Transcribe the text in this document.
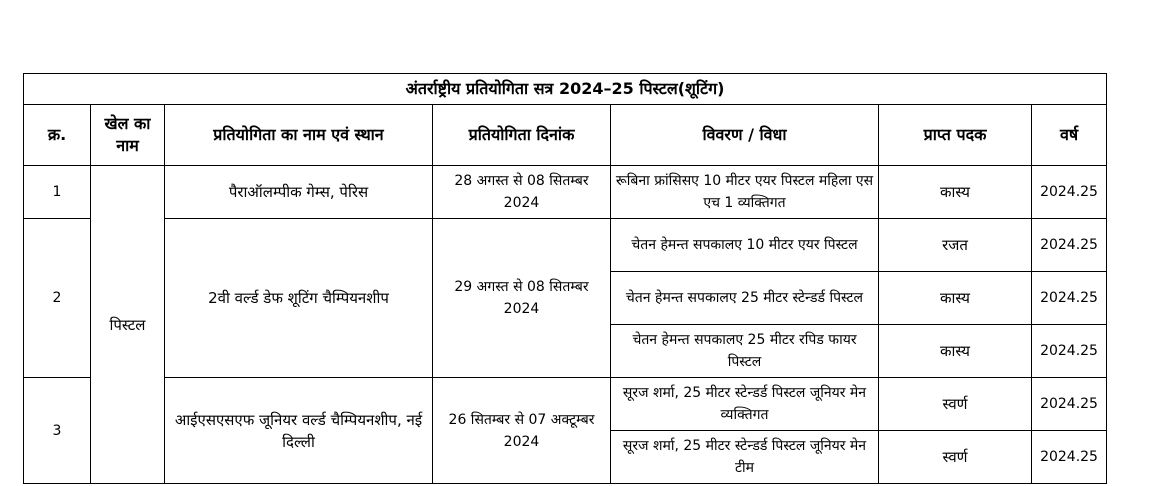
अंतर्राष्ट्रीय प्रतियोगिता सत्र 2024–25 पिस्टल(शूटिंग)						
क्र.	खेल का नाम	प्रतियोगिता का नाम एवं स्थान	प्रतियोगिता दिनांक	विवरण / विधा	प्राप्त पदक	वर्ष
1	पिस्टल	पैराऑलम्पीक गेम्स, पेरिस	28 अगस्त से 08 सितम्बर 2024	रूबिना फ्रांसिसए 10 मीटर एयर पिस्टल महिला एस एच 1 व्यक्तिगत	कास्य	2024.25
2		2वी वर्ल्ड डेफ शूटिंग चैम्पियनशीप	29 अगस्त से 08 सितम्बर 2024	चेतन हेमन्त सपकालए 10 मीटर एयर पिस्टल	रजत	2024.25
				चेतन हेमन्त सपकालए 25 मीटर स्टेन्डर्ड पिस्टल	कास्य	2024.25
				चेतन हेमन्त सपकालए 25 मीटर रपिड फायर पिस्टल	कास्य	2024.25
3		आईएसएसएफ जूनियर वर्ल्ड चैम्पियनशीप, नई दिल्ली	26 सितम्बर से 07 अक्टूम्बर 2024	सूरज शर्मा, 25 मीटर स्टेन्डर्ड पिस्टल जूनियर मेन व्यक्तिगत	स्वर्ण	2024.25
				सूरज शर्मा, 25 मीटर स्टेन्डर्ड पिस्टल जूनियर मेन टीम	स्वर्ण	2024.25
